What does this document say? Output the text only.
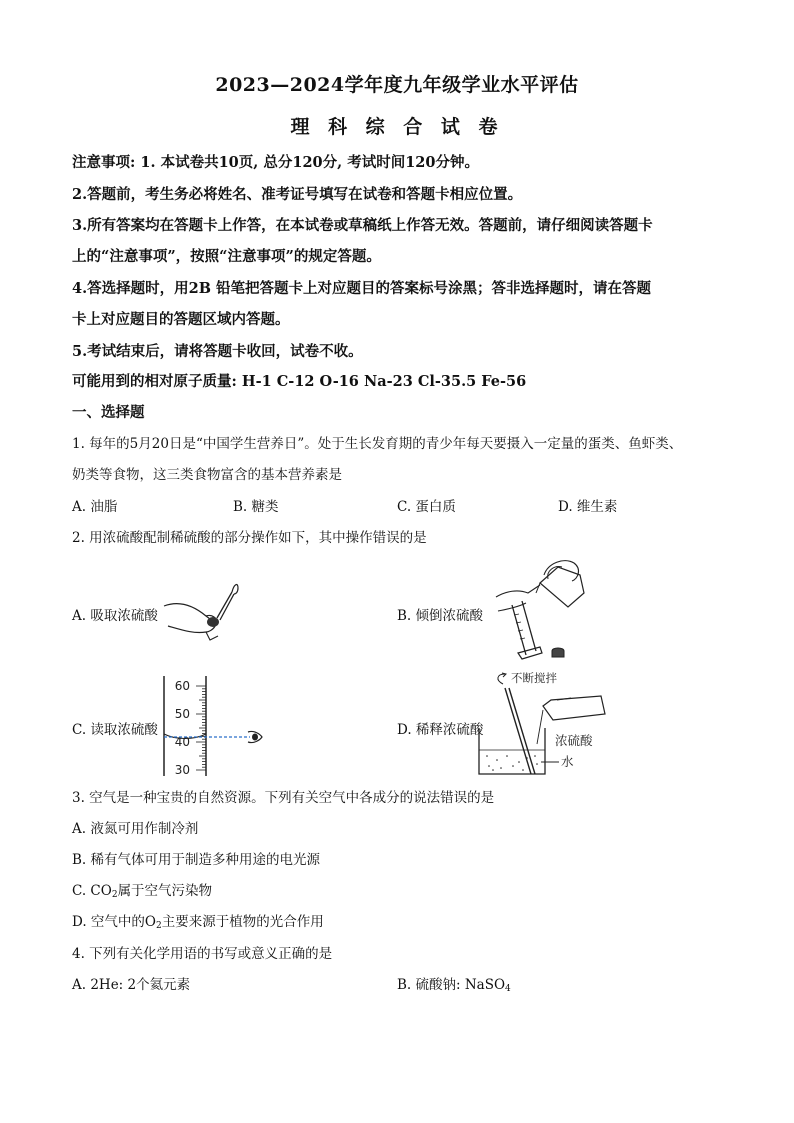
2023—2024学年度九年级学业水平评估
理 科 综 合 试 卷
注意事项: 1. 本试卷共10页, 总分120分, 考试时间120分钟。
2.答题前，考生务必将姓名、准考证号填写在试卷和答题卡相应位置。
3.所有答案均在答题卡上作答，在本试卷或草稿纸上作答无效。答题前，请仔细阅读答题卡
上的“注意事项”，按照“注意事项”的规定答题。
4.答选择题时，用2B 铅笔把答题卡上对应题目的答案标号涂黑；答非选择题时，请在答题
卡上对应题目的答题区域内答题。
5.考试结束后，请将答题卡收回，试卷不收。
可能用到的相对原子质量: H-1 C-12 O-16 Na-23 Cl-35.5 Fe-56
一、选择题
1. 每年的5月20日是“中国学生营养日”。处于生长发育期的青少年每天要摄入一定量的蛋类、鱼虾类、
奶类等食物，这三类食物富含的基本营养素是
A. 油脂	B. 糖类	C. 蛋白质	D. 维生素
2. 用浓硫酸配制稀硫酸的部分操作如下，其中操作错误的是
A. 吸取浓硫酸	B. 倾倒浓硫酸
C. 读取浓硫酸	D. 稀释浓硫酸
60
50
40
30
不断搅拌
浓硫酸
水
3. 空气是一种宝贵的自然资源。下列有关空气中各成分的说法错误的是
A. 液氮可用作制冷剂
B. 稀有气体可用于制造多种用途的电光源
C. $CO_2$属于空气污染物
D. 空气中的$O_2$主要来源于植物的光合作用
4. 下列有关化学用语的书写或意义正确的是
A. 2He: 2个氦元素	B. 硫酸钠: NaSO$_4$
